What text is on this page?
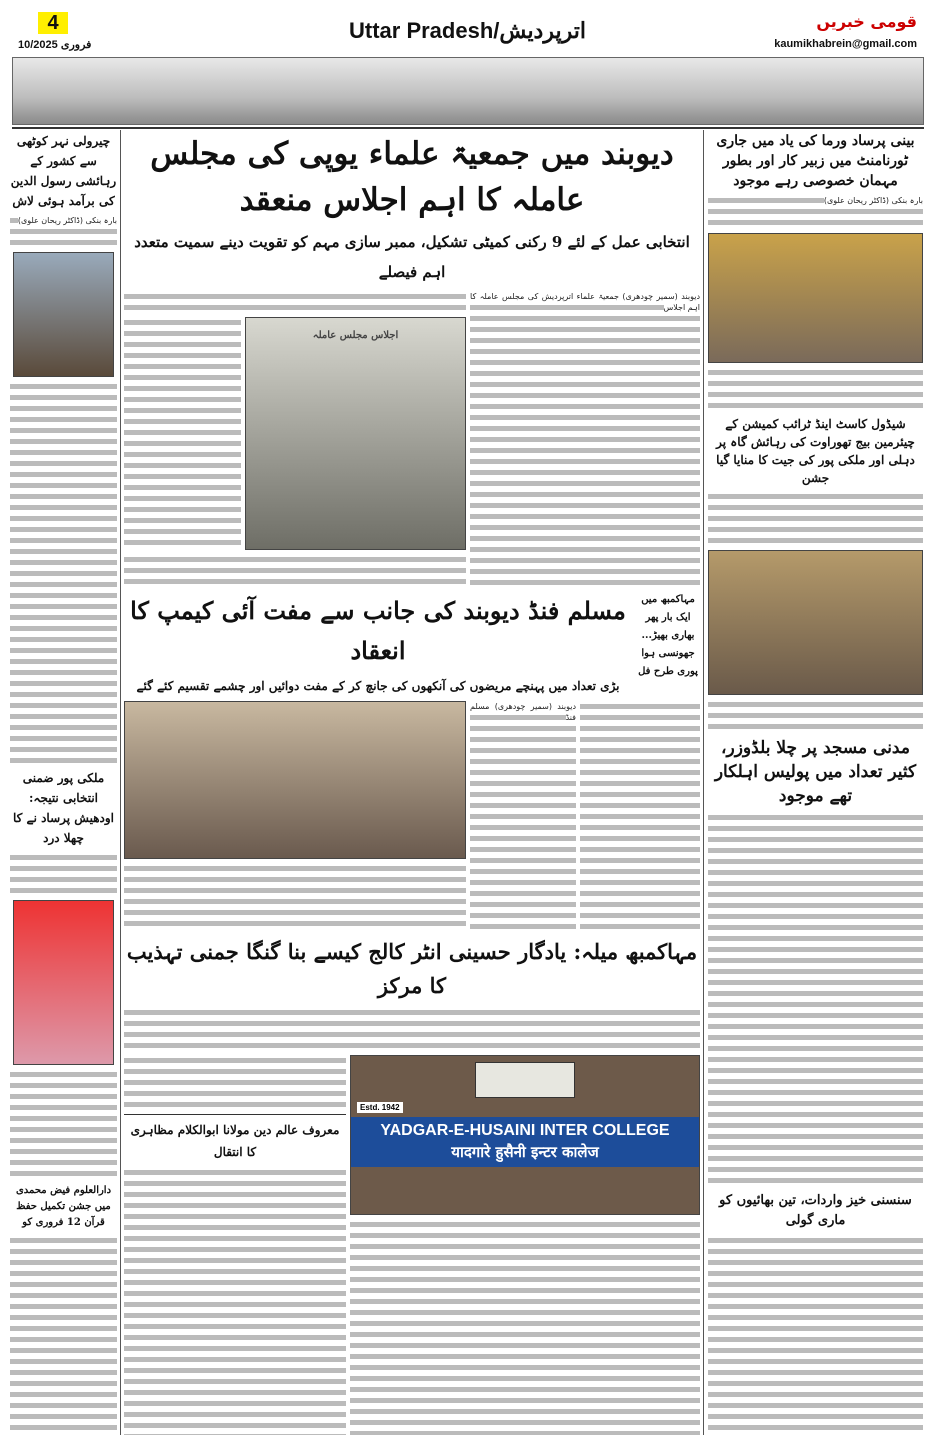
4
10/فروری 2025
Uttar Pradesh/اترپردیش	قومی خبریں
kaumikhabrein@gmail.com
بینی پرساد ورما کی یاد میں جاری ٹورنامنٹ میں زبیر کار اور بطور مہمان خصوصی رہے موجود
بارہ بنکی (ڈاکٹر ریحان علوی)
شیڈول کاسٹ اینڈ ٹرائب کمیشن کے چیئرمین بیج تھوراوت کی رہائش گاہ پر دہلی اور ملکی پور کی جیت کا منایا گیا جشن
مدنی مسجد پر چلا بلڈوزر، کثیر تعداد میں پولیس اہلکار تھے موجود
سنسنی خیز واردات، تین بھائیوں کو ماری گولی
چیرولی نہر کوٹھی سے کشور کے رہائشی رسول الدین کی برآمد ہوئی لاش
بارہ بنکی (ڈاکٹر ریحان علوی)
ملکی پور ضمنی انتخابی نتیجہ: اودھیش پرساد نے کا چھلا درد
دارالعلوم فیض محمدی میں جشن تکمیل حفظ قرآن 12 فروری کو
دیوبند میں جمعیۃ علماء یوپی کی مجلس عاملہ کا اہم اجلاس منعقد
انتخابی عمل کے لئے 9 رکنی کمیٹی تشکیل، ممبر سازی مہم کو تقویت دینے سمیت متعدد اہم فیصلے
اجلاس مجلس عاملہ
دیوبند (سمیر چودھری) جمعیۃ علماء اترپردیش کی مجلس عاملہ کا اہم اجلاس
مسلم فنڈ دیوبند کی جانب سے مفت آئی کیمپ کا انعقاد
بڑی تعداد میں پہنچے مریضوں کی آنکھوں کی جانچ کر کے مفت دوائیں اور چشمے تقسیم کئے گئے
مہاکمبھ میں ایک بار پھر بھاری بھیڑ... جھونسی ہوا پوری طرح فل
دیوبند (سمیر چودھری) مسلم فنڈ
مہاکمبھ میلہ: یادگار حسینی انٹر کالج کیسے بنا گنگا جمنی تہذیب کا مرکز
معروف عالم دین مولانا ابوالکلام مظاہری کا انتقال
Estd. 1942
YADGAR-E-HUSAINI INTER COLLEGE
यादगारे हुसैनी इन्टर कालेज
